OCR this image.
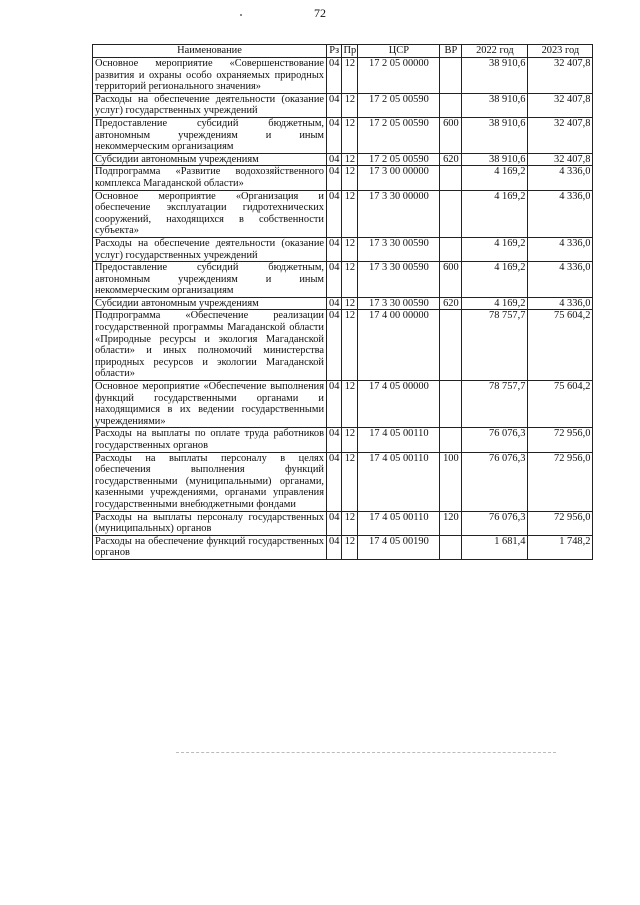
72
Наименование	Рз	Пр	ЦСР	ВР	2022 год	2023 год
Основное мероприятие «Совершенствование развития и охраны особо охраняемых природных территорий регионального значения»	04	12	17 2 05 00000		38 910,6	32 407,8
Расходы на обеспечение деятельности (оказание услуг) государственных учреждений	04	12	17 2 05 00590		38 910,6	32 407,8
Предоставление субсидий бюджетным, автономным учреждениям и иным некоммерческим организациям	04	12	17 2 05 00590	600	38 910,6	32 407,8
Субсидии автономным учреждениям	04	12	17 2 05 00590	620	38 910,6	32 407,8
Подпрограмма «Развитие водохозяйственного комплекса Магаданской области»	04	12	17 3 00 00000		4 169,2	4 336,0
Основное мероприятие «Организация и обеспечение эксплуатации гидротехнических сооружений, находящихся в собственности субъекта»	04	12	17 3 30 00000		4 169,2	4 336,0
Расходы на обеспечение деятельности (оказание услуг) государственных учреждений	04	12	17 3 30 00590		4 169,2	4 336,0
Предоставление субсидий бюджетным, автономным учреждениям и иным некоммерческим организациям	04	12	17 3 30 00590	600	4 169,2	4 336,0
Субсидии автономным учреждениям	04	12	17 3 30 00590	620	4 169,2	4 336,0
Подпрограмма «Обеспечение реализации государственной программы Магаданской области «Природные ресурсы и экология Магаданской области» и иных полномочий министерства природных ресурсов и экологии Магаданской области»	04	12	17 4 00 00000		78 757,7	75 604,2
Основное мероприятие «Обеспечение выполнения функций государственными органами и находящимися в их ведении государственными учреждениями»	04	12	17 4 05 00000		78 757,7	75 604,2
Расходы на выплаты по оплате труда работников государственных органов	04	12	17 4 05 00110		76 076,3	72 956,0
Расходы на выплаты персоналу в целях обеспечения выполнения функций государственными (муниципальными) органами, казенными учреждениями, органами управления государственными внебюджетными фондами	04	12	17 4 05 00110	100	76 076,3	72 956,0
Расходы на выплаты персоналу государственных (муниципальных) органов	04	12	17 4 05 00110	120	76 076,3	72 956,0
Расходы на обеспечение функций государственных органов	04	12	17 4 05 00190		1 681,4	1 748,2
